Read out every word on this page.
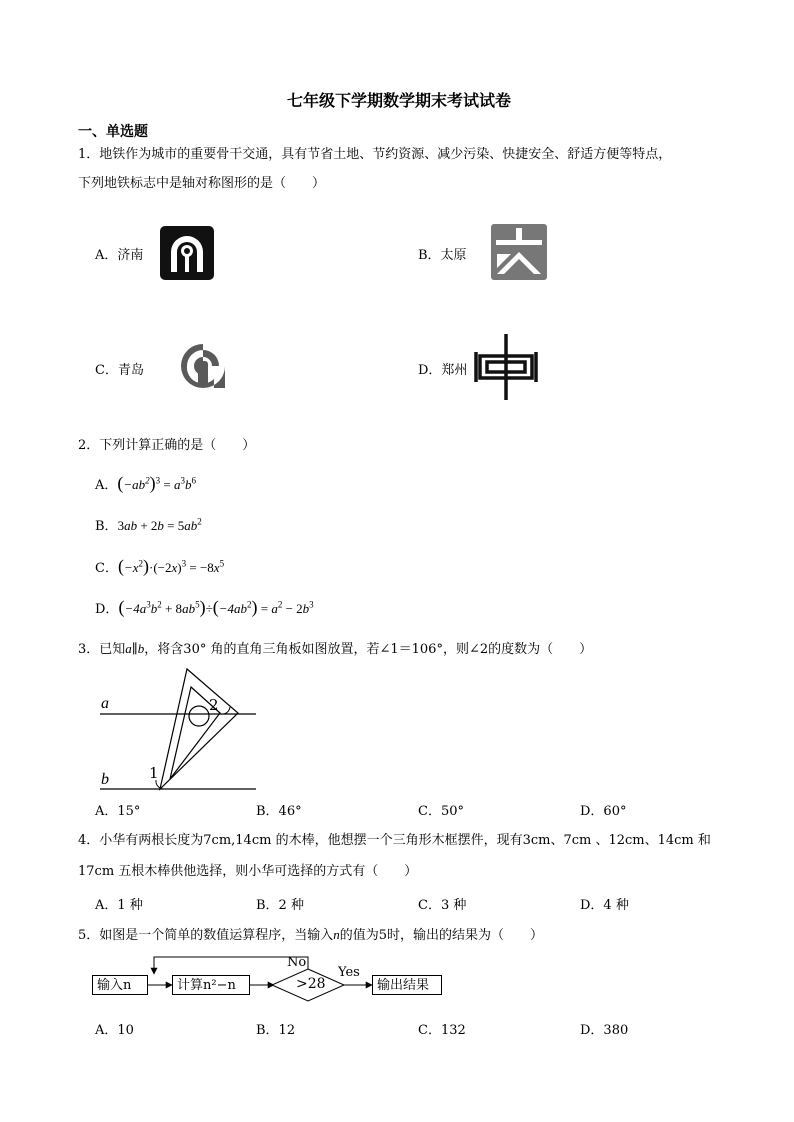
七年级下学期数学期末考试试卷
一、单选题
1．地铁作为城市的重要骨干交通，具有节省土地、节约资源、减少污染、快捷安全、舒适方便等特点，
下列地铁标志中是轴对称图形的是（　　）
A．济南	B．太原
C．青岛	D．郑州
2．下列计算正确的是（　　）
A．$(-ab^2)^3 = a^3b^6$
B．$3ab + 2b = 5ab^2$
C．$(-x^2)\cdot(-2x)^3 = -8x^5$
D．$(-4a^3b^2 + 8ab^5)\div(-4ab^2) = a^2 - 2b^3$
3．已知a∥b，将含30° 角的直角三角板如图放置，若∠1＝106°，则∠2的度数为（　　）
a
b	1
2
A．15°	B．46°	C．50°	D．60°
4．小华有两根长度为7cm,14cm 的木棒，他想摆一个三角形木框摆件，现有3cm、7cm 、12cm、14cm 和
17cm 五根木棒供他选择，则小华可选择的方式有（　　）
A．1 种	B．2 种	C．3 种	D．4 种
5．如图是一个简单的数值运算程序，当输入n的值为5时，输出的结果为（　　）
输入n	计算n²−n	>28
No
Yes
输出结果
A．10	B．12	C．132	D．380
